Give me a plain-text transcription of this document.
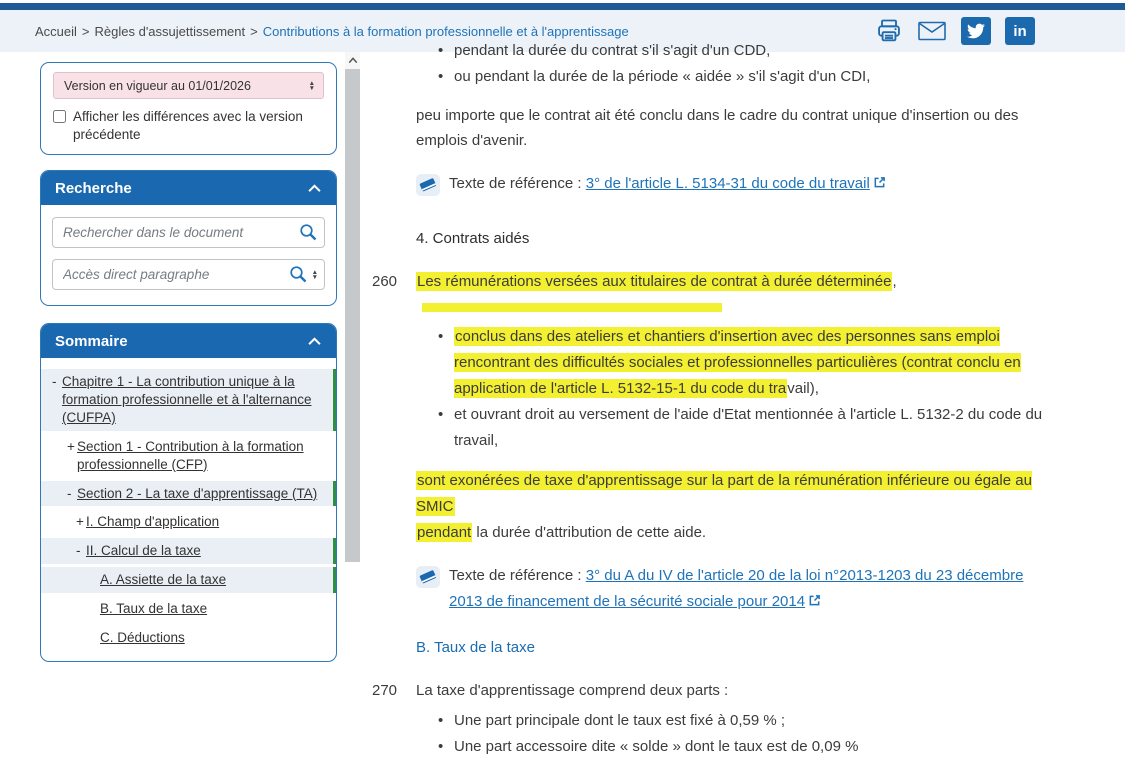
Accueil > Règles d'assujettissement > Contributions à la formation professionnelle et à l'apprentissage	in
Version en vigueur au 01/01/2026	▲
▼
Afficher les différences avec la version précédente
Recherche
Rechercher dans le document
Accès direct paragraphe
▲
▼
Sommaire
- Chapitre 1 - La contribution unique à la formation professionnelle et à l'alternance (CUFPA)
+ Section 1 - Contribution à la formation professionnelle (CFP)
- Section 2 - La taxe d'apprentissage (TA)
+ I. Champ d'application
- II. Calcul de la taxe
A. Assiette de la taxe
B. Taux de la taxe
C. Déductions
• pendant la durée du contrat s'il s'agit d'un CDD,
• ou pendant la durée de la période « aidée » s'il s'agit d'un CDI,

peu importe que le contrat ait été conclu dans le cadre du contrat unique d'insertion ou des emplois d'avenir.

Texte de référence : 3° de l'article L. 5134-31 du code du travail
4. Contrats aidés
260 Les rémunérations versées aux titulaires de contrat à durée déterminée,

• conclus dans des ateliers et chantiers d'insertion avec des personnes sans emploi rencontrant des difficultés sociales et professionnelles particulières (contrat conclu en application de l'article L. 5132-15-1 du code du travail),
• et ouvrant droit au versement de l'aide d'Etat mentionnée à l'article L. 5132-2 du code du travail,

sont exonérées de taxe d'apprentissage sur la part de la rémunération inférieure ou égale au SMIC
pendant la durée d'attribution de cette aide.

Texte de référence : 3° du A du IV de l'article 20 de la loi n°2013-1203 du 23 décembre 2013 de financement de la sécurité sociale pour 2014
B. Taux de la taxe
270 La taxe d'apprentissage comprend deux parts :

• Une part principale dont le taux est fixé à 0,59 % ;
• Une part accessoire dite « solde » dont le taux est de 0,09 %
